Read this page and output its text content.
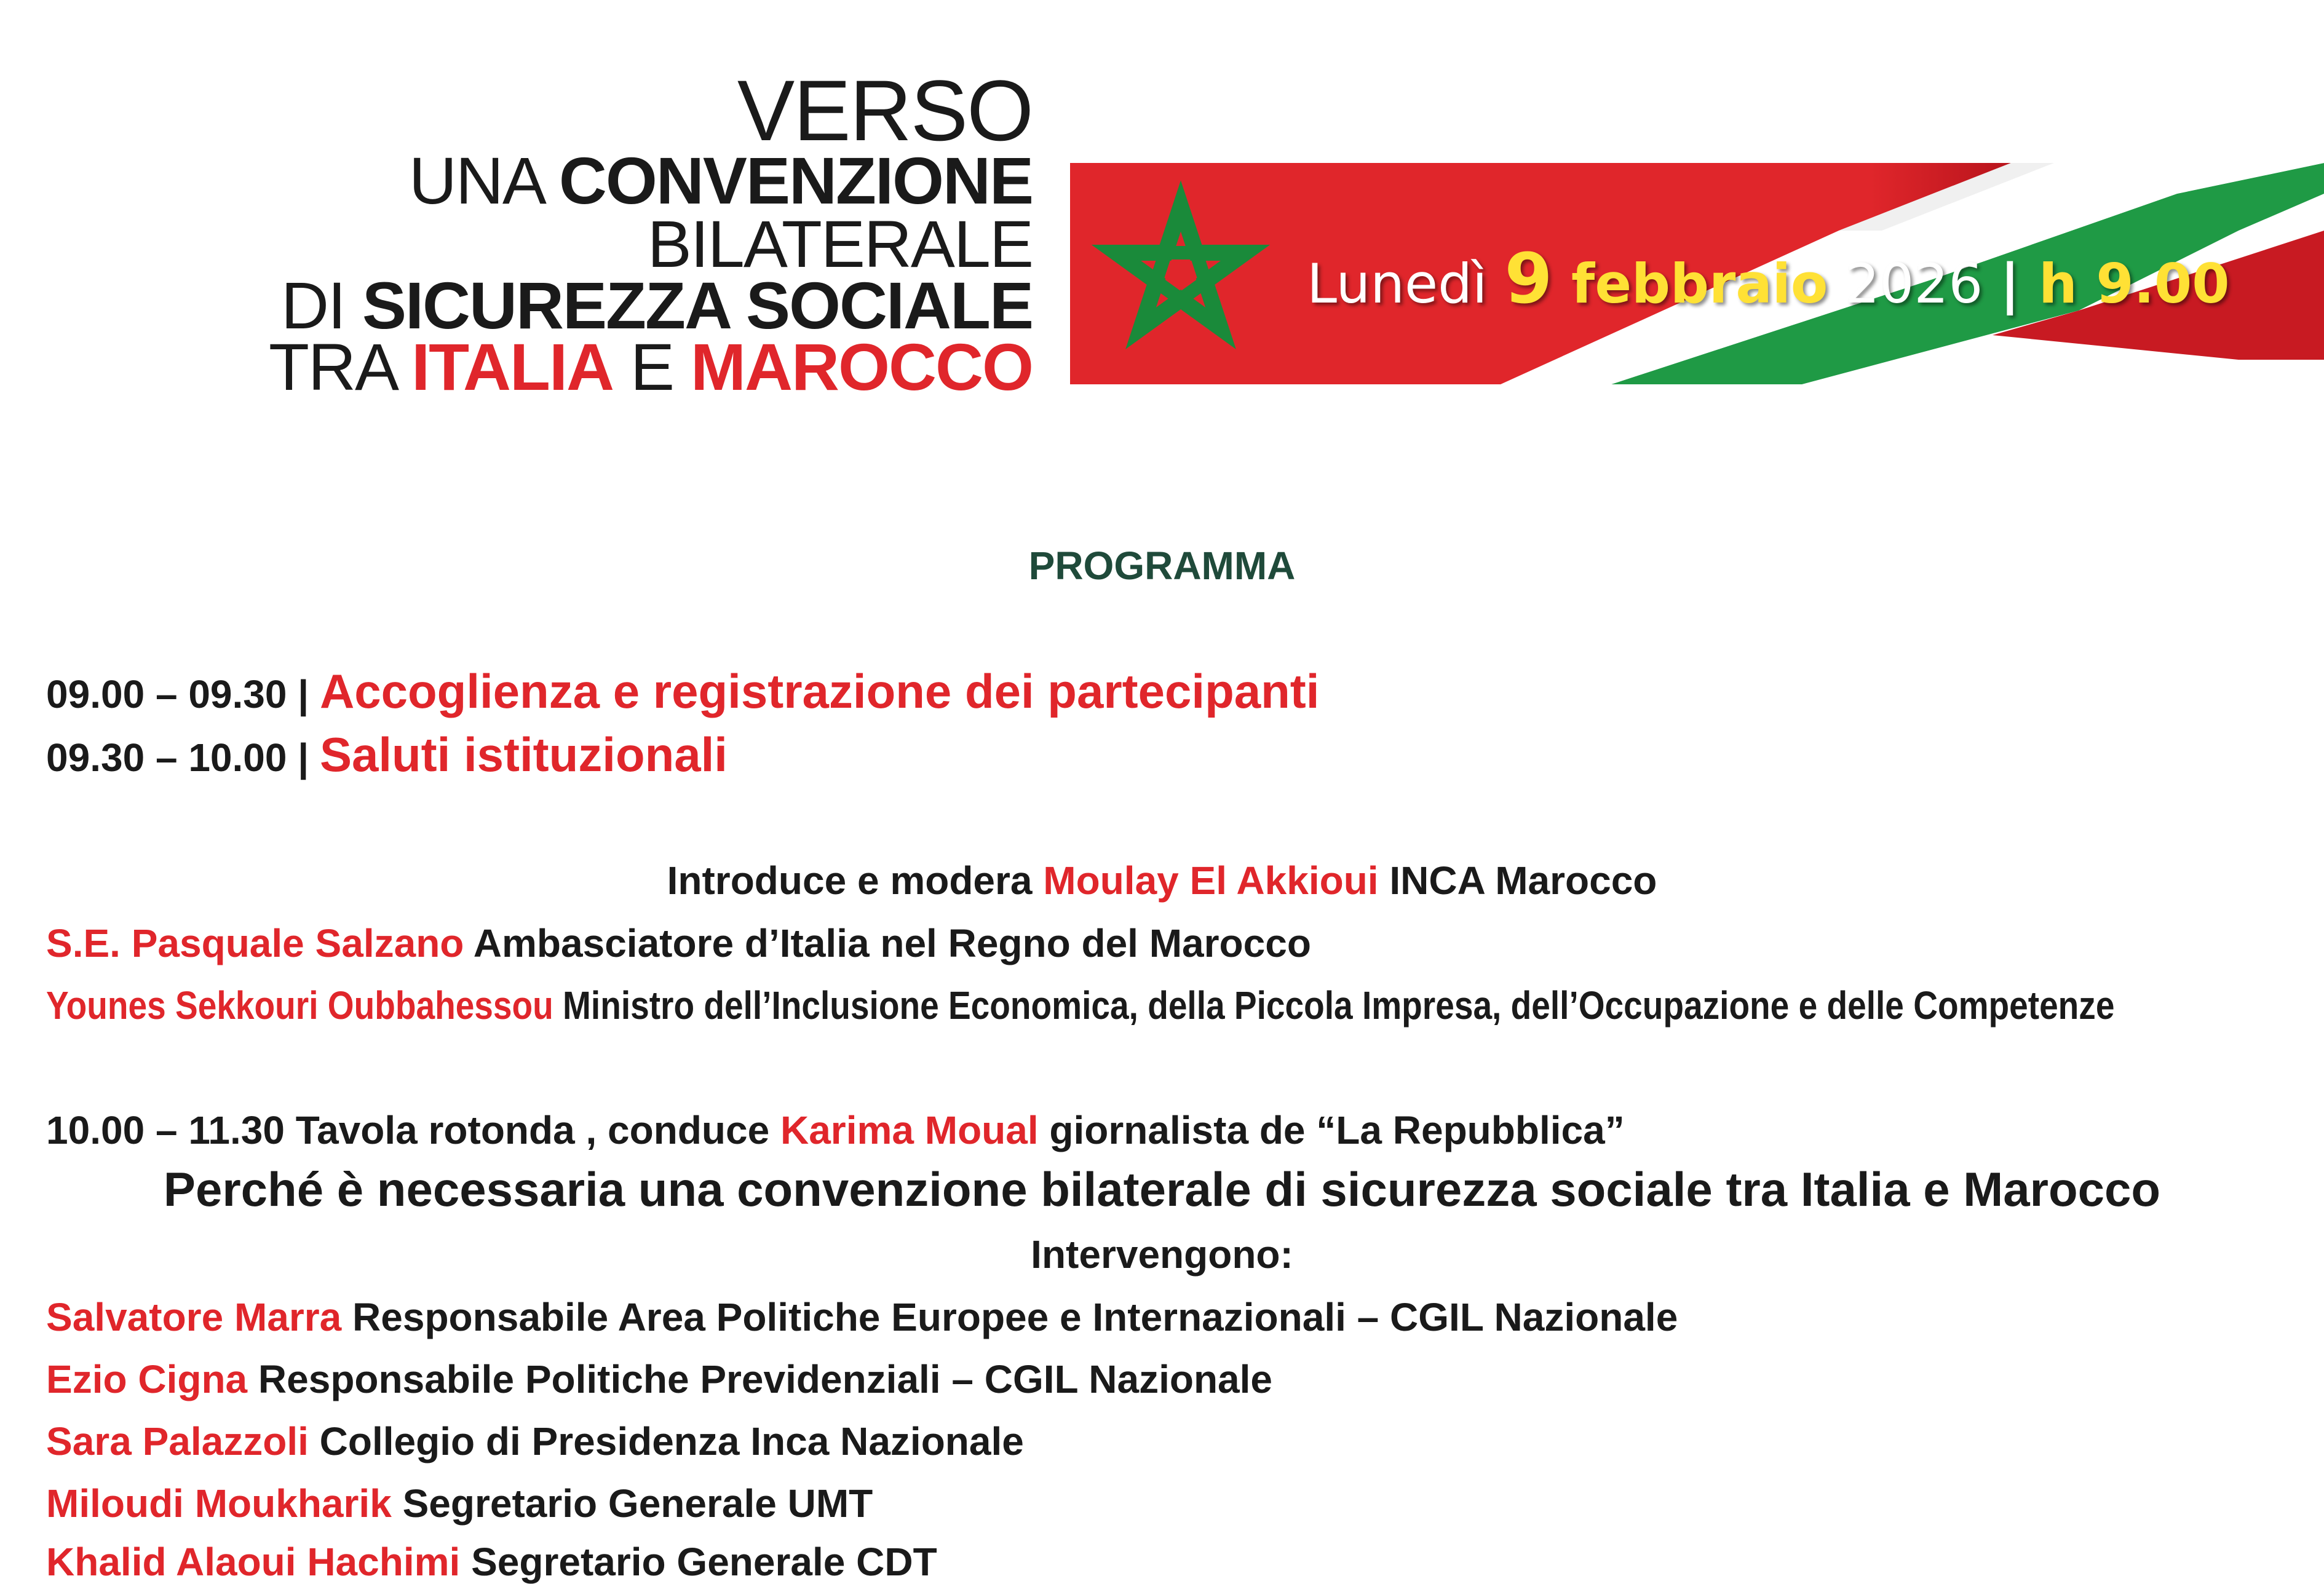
VERSO
UNA CONVENZIONE
BILATERALE
DI SICUREZZA SOCIALE
TRA ITALIA E MAROCCO
Lunedì 9 febbraio 2026 | h 9.00
PROGRAMMA
09.00 – 09.30 | Accoglienza e registrazione dei partecipanti
09.30 – 10.00 | Saluti istituzionali
Introduce e modera Moulay El Akkioui INCA Marocco
S.E. Pasquale Salzano Ambasciatore d’Italia nel Regno del Marocco
Younes Sekkouri Oubbahessou Ministro dell’Inclusione Economica, della Piccola Impresa, dell’Occupazione e delle Competenze
10.00 – 11.30 Tavola rotonda , conduce Karima Moual giornalista de “La Repubblica”
Perché è necessaria una convenzione bilaterale di sicurezza sociale tra Italia e Marocco
Intervengono:
Salvatore Marra Responsabile Area Politiche Europee e Internazionali – CGIL Nazionale
Ezio Cigna Responsabile Politiche Previdenziali – CGIL Nazionale
Sara Palazzoli Collegio di Presidenza Inca Nazionale
Miloudi Moukharik Segretario Generale UMT
Khalid Alaoui Hachimi Segretario Generale CDT
